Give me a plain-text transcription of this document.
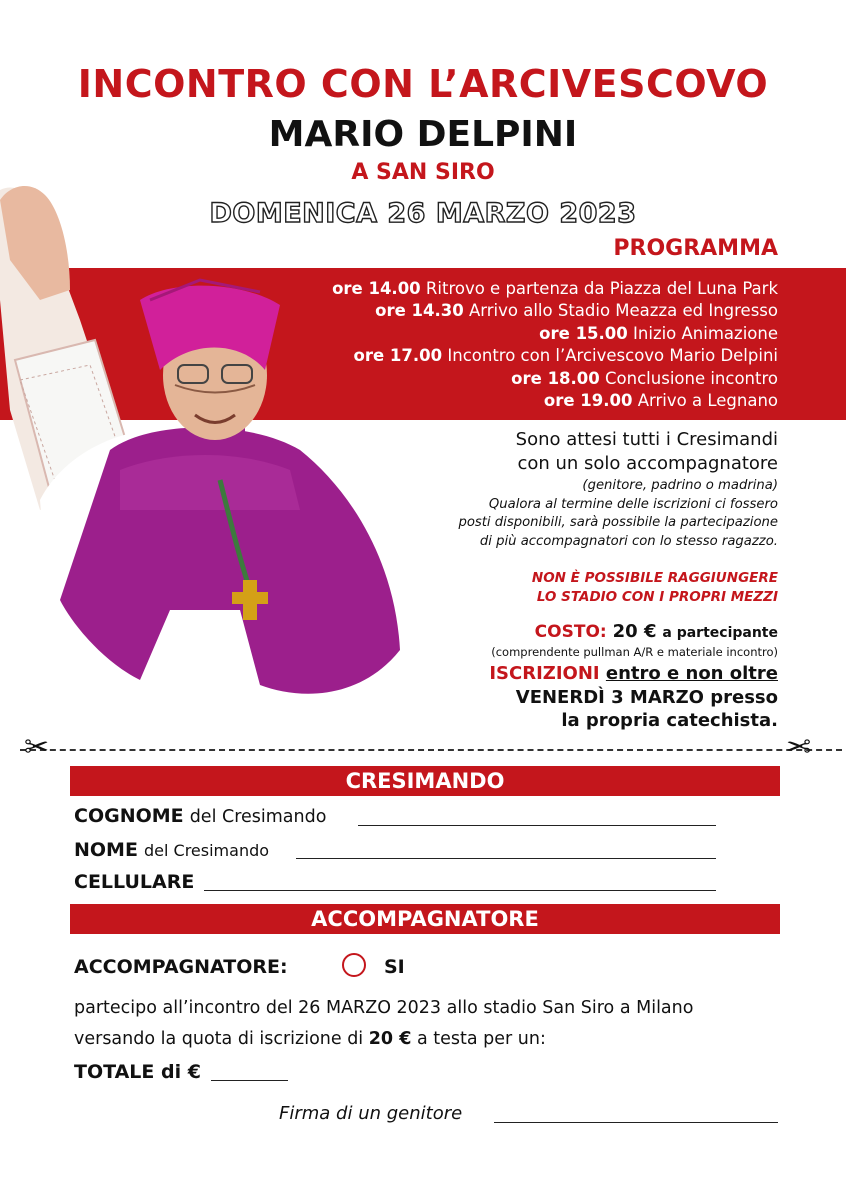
INCONTRO CON L’ARCIVESCOVO
MARIO DELPINI
A SAN SIRO
DOMENICA 26 MARZO 2023
PROGRAMMA
ore 14.00 Ritrovo e partenza da Piazza del Luna Park
ore 14.30 Arrivo allo Stadio Meazza ed Ingresso
ore 15.00 Inizio Animazione
ore 17.00 Incontro con l’Arcivescovo Mario Delpini
ore 18.00 Conclusione incontro
ore 19.00 Arrivo a Legnano
Sono attesi tutti i Cresimandi
con un solo accompagnatore
(genitore, padrino o madrina)
Qualora al termine delle iscrizioni ci fossero
posti disponibili, sarà possibile la partecipazione
di più accompagnatori con lo stesso ragazzo.
NON È POSSIBILE RAGGIUNGERE
LO STADIO CON I PROPRI MEZZI
COSTO: 20 € a partecipante
(comprendente pullman A/R e materiale incontro)
ISCRIZIONI entro e non oltre
VENERDÌ 3 MARZO presso
la propria catechista.
✂	✂
CRESIMANDO
COGNOME del Cresimando
NOME del Cresimando
CELLULARE
ACCOMPAGNATORE
ACCOMPAGNATORE:	SI
partecipo all’incontro del 26 MARZO 2023 allo stadio San Siro a Milano
versando la quota di iscrizione di 20 € a testa per un:
TOTALE di €
Firma di un genitore
